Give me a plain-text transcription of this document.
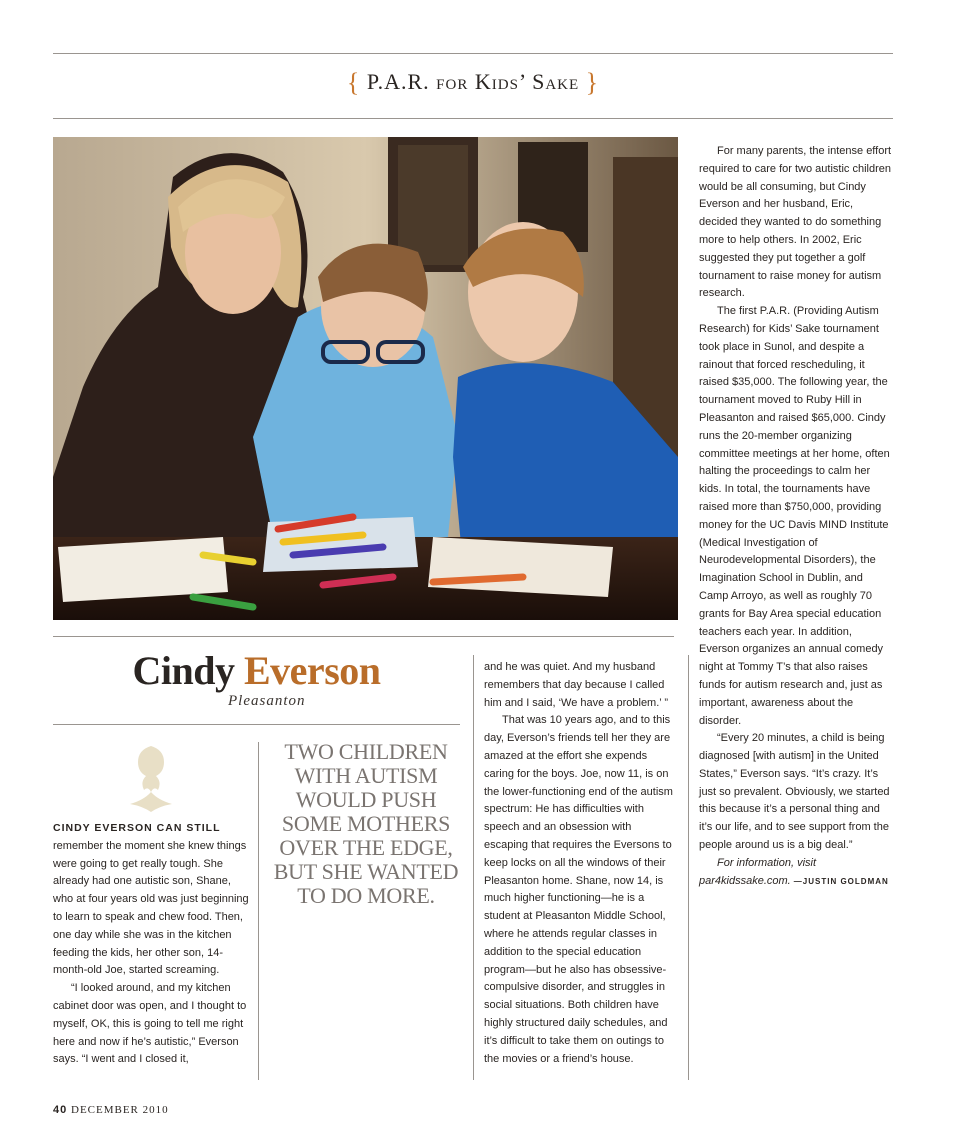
{ P.A.R. for Kids’ Sake }
Cindy Everson
Pleasanton

CINDY EVERSON CAN STILL
remember the moment she knew things were going to get really tough. She already had one autistic son, Shane, who at four years old was just beginning to learn to speak and chew food. Then, one day while she was in the kitchen feeding the kids, her other son, 14-month-old Joe, started screaming.

“I looked around, and my kitchen cabinet door was open, and I thought to myself, OK, this is going to tell me right here and now if he’s autistic,” Everson says. “I went and I closed it,

TWO CHILDREN WITH AUTISM WOULD PUSH SOME MOTHERS OVER THE EDGE, BUT SHE WANTED TO DO MORE.

and he was quiet. And my husband remembers that day because I called him and I said, ‘We have a problem.’ ”

That was 10 years ago, and to this day, Everson’s friends tell her they are amazed at the effort she expends caring for the boys. Joe, now 11, is on the lower-functioning end of the autism spectrum: He has difficulties with speech and an obsession with escaping that requires the Eversons to keep locks on all the windows of their Pleasanton home. Shane, now 14, is much higher functioning—he is a student at Pleasanton Middle School, where he attends regular classes in addition to the special education program—but he also has obsessive-compulsive disorder, and struggles in social situations. Both children have highly structured daily schedules, and it’s difficult to take them on outings to the movies or a friend’s house.

For many parents, the intense effort required to care for two autistic children would be all consuming, but Cindy Everson and her husband, Eric, decided they wanted to do something more to help others. In 2002, Eric suggested they put together a golf tournament to raise money for autism research.

The first P.A.R. (Providing Autism Research) for Kids’ Sake tournament took place in Sunol, and despite a rainout that forced rescheduling, it raised $35,000. The following year, the tournament moved to Ruby Hill in Pleasanton and raised $65,000. Cindy runs the 20-member organizing committee meetings at her home, often halting the proceedings to calm her kids. In total, the tournaments have raised more than $750,000, providing money for the UC Davis MIND Institute (Medical Investigation of Neurodevelopmental Disorders), the Imagination School in Dublin, and Camp Arroyo, as well as roughly 70 grants for Bay Area special education teachers each year. In addition, Everson organizes an annual comedy night at Tommy T’s that also raises funds for autism research and, just as important, awareness about the disorder.

“Every 20 minutes, a child is being diagnosed [with autism] in the United States,” Everson says. “It’s crazy. It’s just so prevalent. Obviously, we started this because it’s a personal thing and it’s our life, and to see support from the people around us is a big deal.”

For information, visit par4kidssake.com. —JUSTIN GOLDMAN

40 DECEMBER 2010
